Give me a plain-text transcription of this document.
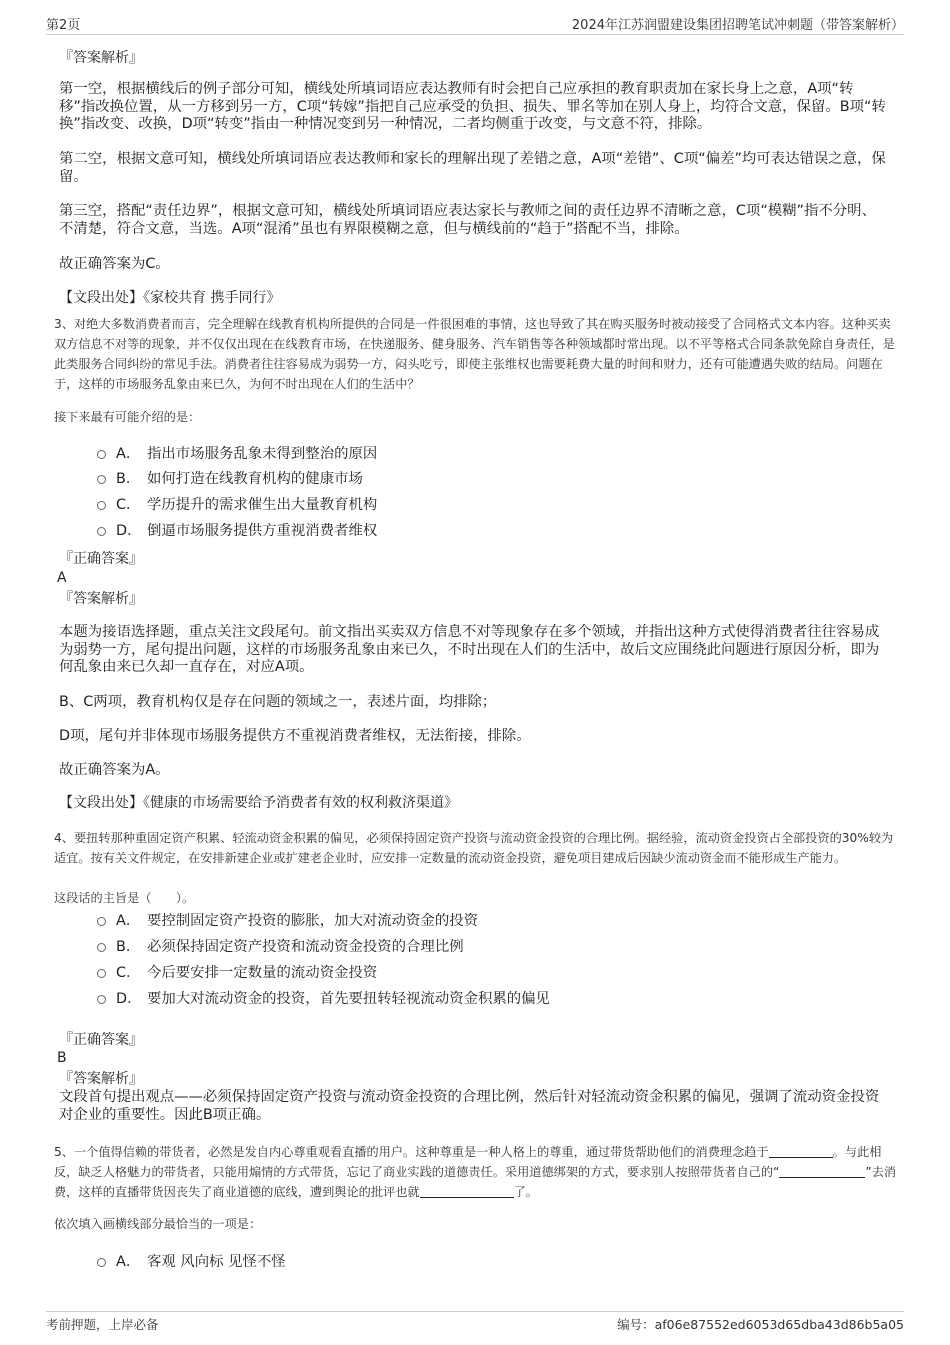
第2页	2024年江苏润盟建设集团招聘笔试冲刺题（带答案解析）
『答案解析』

第一空，根据横线后的例子部分可知，横线处所填词语应表达教师有时会把自己应承担的教育职责加在家长身上之意，A项“转移”指改换位置，从一方移到另一方，C项“转嫁”指把自己应承受的负担、损失、罪名等加在别人身上，均符合文意，保留。B项“转换”指改变、改换，D项“转变”指由一种情况变到另一种情况，二者均侧重于改变，与文意不符，排除。

第二空，根据文意可知，横线处所填词语应表达教师和家长的理解出现了差错之意，A项“差错”、C项“偏差”均可表达错误之意，保留。

第三空，搭配“责任边界”，根据文意可知，横线处所填词语应表达家长与教师之间的责任边界不清晰之意，C项“模糊”指不分明、不清楚，符合文意，当选。A项“混淆”虽也有界限模糊之意，但与横线前的“趋于”搭配不当，排除。

故正确答案为C。

【文段出处】《家校共育 携手同行》

3、对绝大多数消费者而言，完全理解在线教育机构所提供的合同是一件很困难的事情，这也导致了其在购买服务时被动接受了合同格式文本内容。这种买卖双方信息不对等的现象，并不仅仅出现在在线教育市场，在快递服务、健身服务、汽车销售等各种领域都时常出现。以不平等格式合同条款免除自身责任，是此类服务合同纠纷的常见手法。消费者往往容易成为弱势一方，闷头吃亏，即使主张维权也需要耗费大量的时间和财力，还有可能遭遇失败的结局。问题在于，这样的市场服务乱象由来已久，为何不时出现在人们的生活中？

接下来最有可能介绍的是：

A． 指出市场服务乱象未得到整治的原因
B． 如何打造在线教育机构的健康市场
C． 学历提升的需求催生出大量教育机构
D． 倒逼市场服务提供方重视消费者维权
『正确答案』
A
『答案解析』

本题为接语选择题，重点关注文段尾句。前文指出买卖双方信息不对等现象存在多个领域，并指出这种方式使得消费者往往容易成为弱势一方，尾句提出问题，这样的市场服务乱象由来已久，不时出现在人们的生活中，故后文应围绕此问题进行原因分析，即为何乱象由来已久却一直存在，对应A项。

B、C两项，教育机构仅是存在问题的领域之一，表述片面，均排除；

D项，尾句并非体现市场服务提供方不重视消费者维权，无法衔接，排除。

故正确答案为A。

【文段出处】《健康的市场需要给予消费者有效的权利救济渠道》

4、要扭转那种重固定资产积累、轻流动资金积累的偏见，必须保持固定资产投资与流动资金投资的合理比例。据经验，流动资金投资占全部投资的30%较为适宜。按有关文件规定，在安排新建企业或扩建老企业时，应安排一定数量的流动资金投资，避免项目建成后因缺少流动资金而不能形成生产能力。

这段话的主旨是（　　）。

A． 要控制固定资产投资的膨胀，加大对流动资金的投资
B． 必须保持固定资产投资和流动资金投资的合理比例
C． 今后要安排一定数量的流动资金投资
D． 要加大对流动资金的投资，首先要扭转轻视流动资金积累的偏见
『正确答案』
B
『答案解析』

文段首句提出观点——必须保持固定资产投资与流动资金投资的合理比例，然后针对轻流动资金积累的偏见，强调了流动资金投资对企业的重要性。因此B项正确。

5、一个值得信赖的带货者，必然是发自内心尊重观看直播的用户。这种尊重是一种人格上的尊重，通过带货帮助他们的消费理念趋于	。与此相反，缺乏人格魅力的带货者，只能用煽情的方式带货，忘记了商业实践的道德责任。采用道德绑架的方式，要求别人按照带货者自己的“	”去消费，这样的直播带货因丧失了商业道德的底线，遭到舆论的批评也就	了。

依次填入画横线部分最恰当的一项是：

A． 客观 风向标 见怪不怪
考前押题，上岸必备	编号：af06e87552ed6053d65dba43d86b5a05
